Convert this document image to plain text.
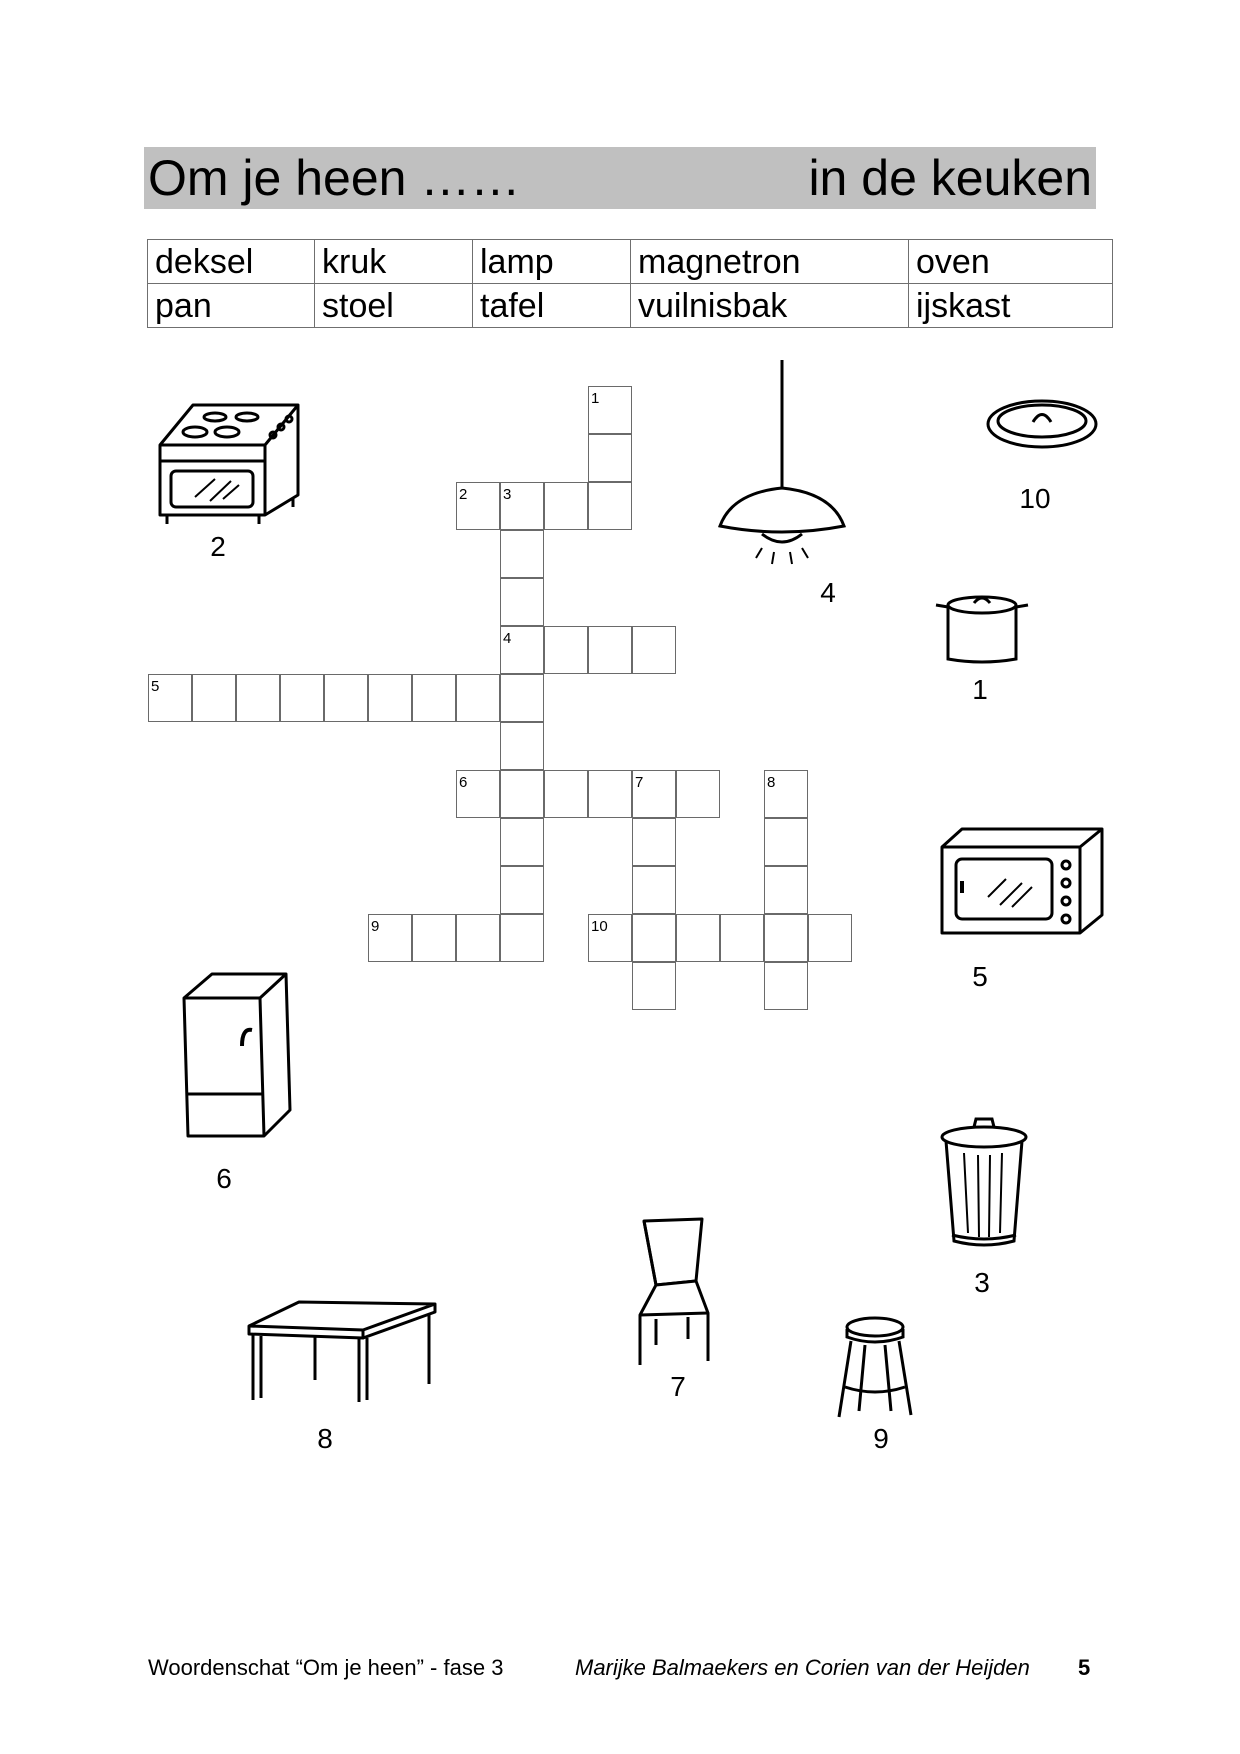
Om je heen ……	in de keuken
deksel	kruk	lamp	magnetron	oven
pan	stoel	tafel	vuilnisbak	ijskast
1
2 3
4
5
6	7	8
9	10
2
4
10
1
5
6
3
7
8	9
Woordenschat “Om je heen” - fase 3	Marijke Balmaekers en Corien van der Heijden 5
